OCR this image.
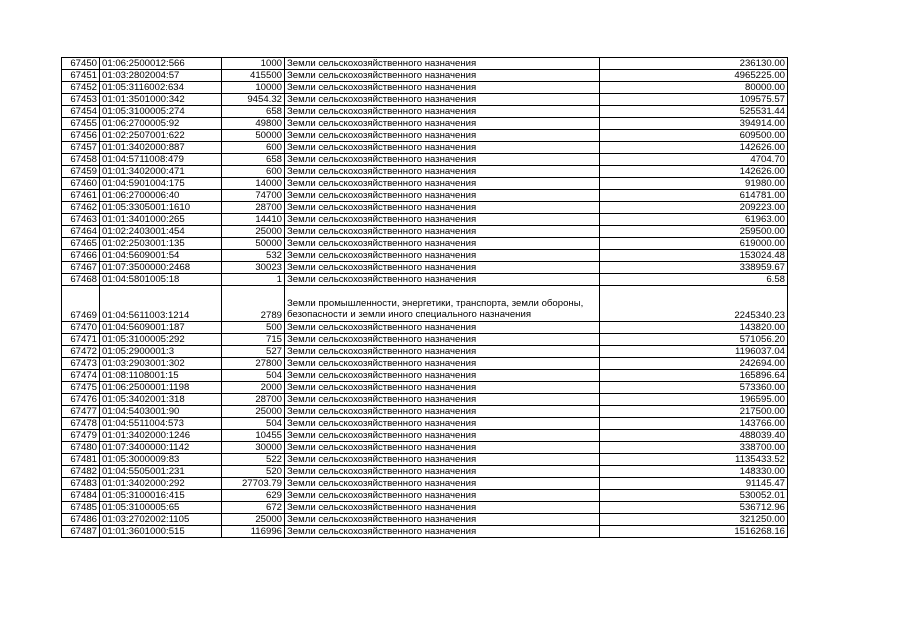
67450	01:06:2500012:566	1000	Земли сельскохозяйственного назначения	236130.00
67451	01:03:2802004:57	415500	Земли сельскохозяйственного назначения	4965225.00
67452	01:05:3116002:634	10000	Земли сельскохозяйственного назначения	80000.00
67453	01:01:3501000:342	9454.32	Земли сельскохозяйственного назначения	109575.57
67454	01:05:3100005:274	658	Земли сельскохозяйственного назначения	525531.44
67455	01:06:2700005:92	49800	Земли сельскохозяйственного назначения	394914.00
67456	01:02:2507001:622	50000	Земли сельскохозяйственного назначения	609500.00
67457	01:01:3402000:887	600	Земли сельскохозяйственного назначения	142626.00
67458	01:04:5711008:479	658	Земли сельскохозяйственного назначения	4704.70
67459	01:01:3402000:471	600	Земли сельскохозяйственного назначения	142626.00
67460	01:04:5901004:175	14000	Земли сельскохозяйственного назначения	91980.00
67461	01:06:2700006:40	74700	Земли сельскохозяйственного назначения	614781.00
67462	01:05:3305001:1610	28700	Земли сельскохозяйственного назначения	209223.00
67463	01:01:3401000:265	14410	Земли сельскохозяйственного назначения	61963.00
67464	01:02:2403001:454	25000	Земли сельскохозяйственного назначения	259500.00
67465	01:02:2503001:135	50000	Земли сельскохозяйственного назначения	619000.00
67466	01:04:5609001:54	532	Земли сельскохозяйственного назначения	153024.48
67467	01:07:3500000:2468	30023	Земли сельскохозяйственного назначения	338959.67
67468	01:04:5801005:18	1	Земли сельскохозяйственного назначения	6.58
67469	01:04:5611003:1214	2789	Земли промышленности, энергетики, транспорта, земли обороны, безопасности и земли иного специального назначения	2245340.23
67470	01:04:5609001:187	500	Земли сельскохозяйственного назначения	143820.00
67471	01:05:3100005:292	715	Земли сельскохозяйственного назначения	571056.20
67472	01:05:2900001:3	527	Земли сельскохозяйственного назначения	1196037.04
67473	01:03:2903001:302	27800	Земли сельскохозяйственного назначения	242694.00
67474	01:08:1108001:15	504	Земли сельскохозяйственного назначения	165896.64
67475	01:06:2500001:1198	2000	Земли сельскохозяйственного назначения	573360.00
67476	01:05:3402001:318	28700	Земли сельскохозяйственного назначения	196595.00
67477	01:04:5403001:90	25000	Земли сельскохозяйственного назначения	217500.00
67478	01:04:5511004:573	504	Земли сельскохозяйственного назначения	143766.00
67479	01:01:3402000:1246	10455	Земли сельскохозяйственного назначения	488039.40
67480	01:07:3400000:1142	30000	Земли сельскохозяйственного назначения	338700.00
67481	01:05:3000009:83	522	Земли сельскохозяйственного назначения	1135433.52
67482	01:04:5505001:231	520	Земли сельскохозяйственного назначения	148330.00
67483	01:01:3402000:292	27703.79	Земли сельскохозяйственного назначения	91145.47
67484	01:05:3100016:415	629	Земли сельскохозяйственного назначения	530052.01
67485	01:05:3100005:65	672	Земли сельскохозяйственного назначения	536712.96
67486	01:03:2702002:1105	25000	Земли сельскохозяйственного назначения	321250.00
67487	01:01:3601000:515	116996	Земли сельскохозяйственного назначения	1516268.16
